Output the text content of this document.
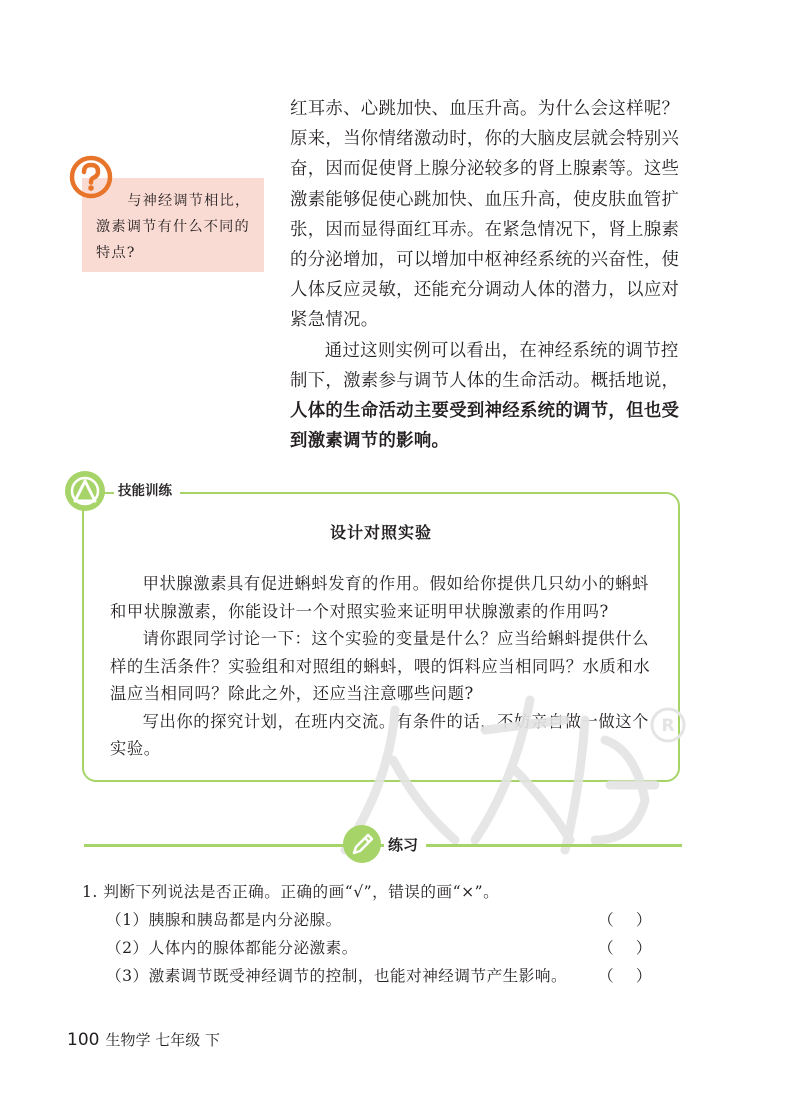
红耳赤、心跳加快、血压升高。为什么会这样呢？原来，当你情绪激动时，你的大脑皮层就会特别兴奋，因而促使肾上腺分泌较多的肾上腺素等。这些激素能够促使心跳加快、血压升高，使皮肤血管扩张，因而显得面红耳赤。在紧急情况下，肾上腺素的分泌增加，可以增加中枢神经系统的兴奋性，使人体反应灵敏，还能充分调动人体的潜力，以应对紧急情况。

通过这则实例可以看出，在神经系统的调节控制下，激素参与调节人体的生命活动。概括地说，人体的生命活动主要受到神经系统的调节，但也受到激素调节的影响。

与神经调节相比，激素调节有什么不同的特点?
技能训练
设计对照实验

甲状腺激素具有促进蝌蚪发育的作用。假如给你提供几只幼小的蝌蚪和甲状腺激素，你能设计一个对照实验来证明甲状腺激素的作用吗?

请你跟同学讨论一下：这个实验的变量是什么？应当给蝌蚪提供什么样的生活条件？实验组和对照组的蝌蚪，喂的饵料应当相同吗？水质和水温应当相同吗？除此之外，还应当注意哪些问题?

写出你的探究计划，在班内交流。有条件的话，不妨亲自做一做这个实验。

R
练习
1. 判断下列说法是否正确。正确的画“√”，错误的画“×”。
（1）胰腺和胰岛都是内分泌腺。	（    ）
（2）人体内的腺体都能分泌激素。	（    ）
（3）激素调节既受神经调节的控制，也能对神经调节产生影响。 （    ）
100 生物学 七年级 下
